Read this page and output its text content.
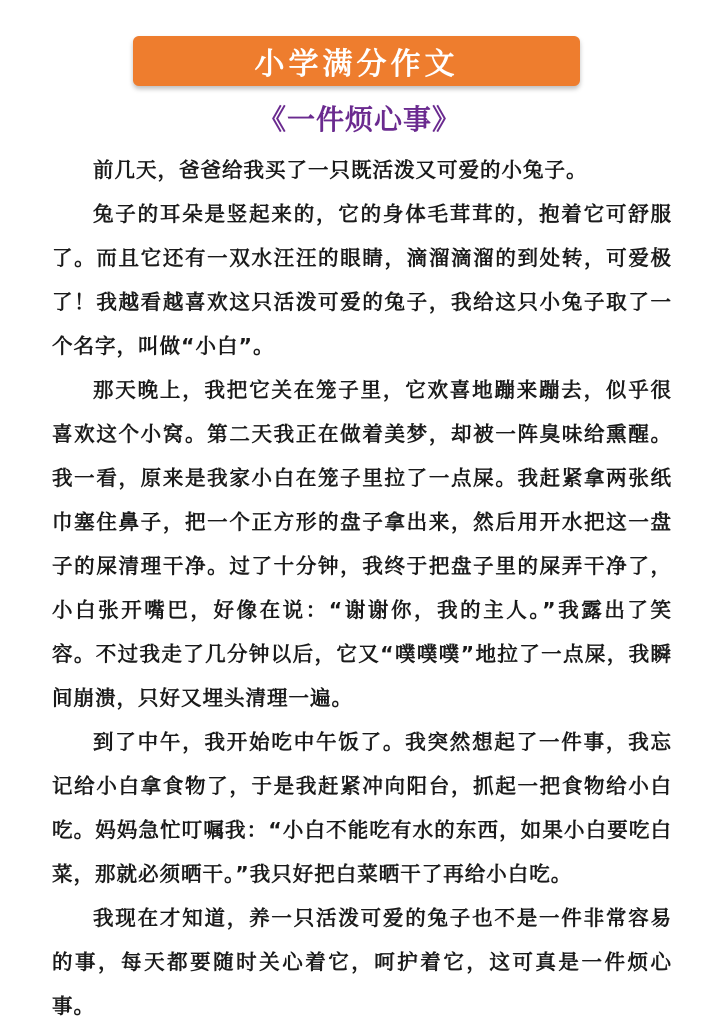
小学满分作文
《一件烦心事》

前几天，爸爸给我买了一只既活泼又可爱的小兔子。

兔子的耳朵是竖起来的，它的身体毛茸茸的，抱着它可舒服了。而且它还有一双水汪汪的眼睛，滴溜滴溜的到处转，可爱极了！我越看越喜欢这只活泼可爱的兔子，我给这只小兔子取了一个名字，叫做“小白”。

那天晚上，我把它关在笼子里，它欢喜地蹦来蹦去，似乎很喜欢这个小窝。第二天我正在做着美梦，却被一阵臭味给熏醒。我一看，原来是我家小白在笼子里拉了一点屎。我赶紧拿两张纸巾塞住鼻子，把一个正方形的盘子拿出来，然后用开水把这一盘子的屎清理干净。过了十分钟，我终于把盘子里的屎弄干净了，小白张开嘴巴，好像在说：“谢谢你，我的主人。”我露出了笑容。不过我走了几分钟以后，它又“噗噗噗”地拉了一点屎，我瞬间崩溃，只好又埋头清理一遍。

到了中午，我开始吃中午饭了。我突然想起了一件事，我忘记给小白拿食物了，于是我赶紧冲向阳台，抓起一把食物给小白吃。妈妈急忙叮嘱我：“小白不能吃有水的东西，如果小白要吃白菜，那就必须晒干。”我只好把白菜晒干了再给小白吃。

我现在才知道，养一只活泼可爱的兔子也不是一件非常容易的事，每天都要随时关心着它，呵护着它，这可真是一件烦心事。
